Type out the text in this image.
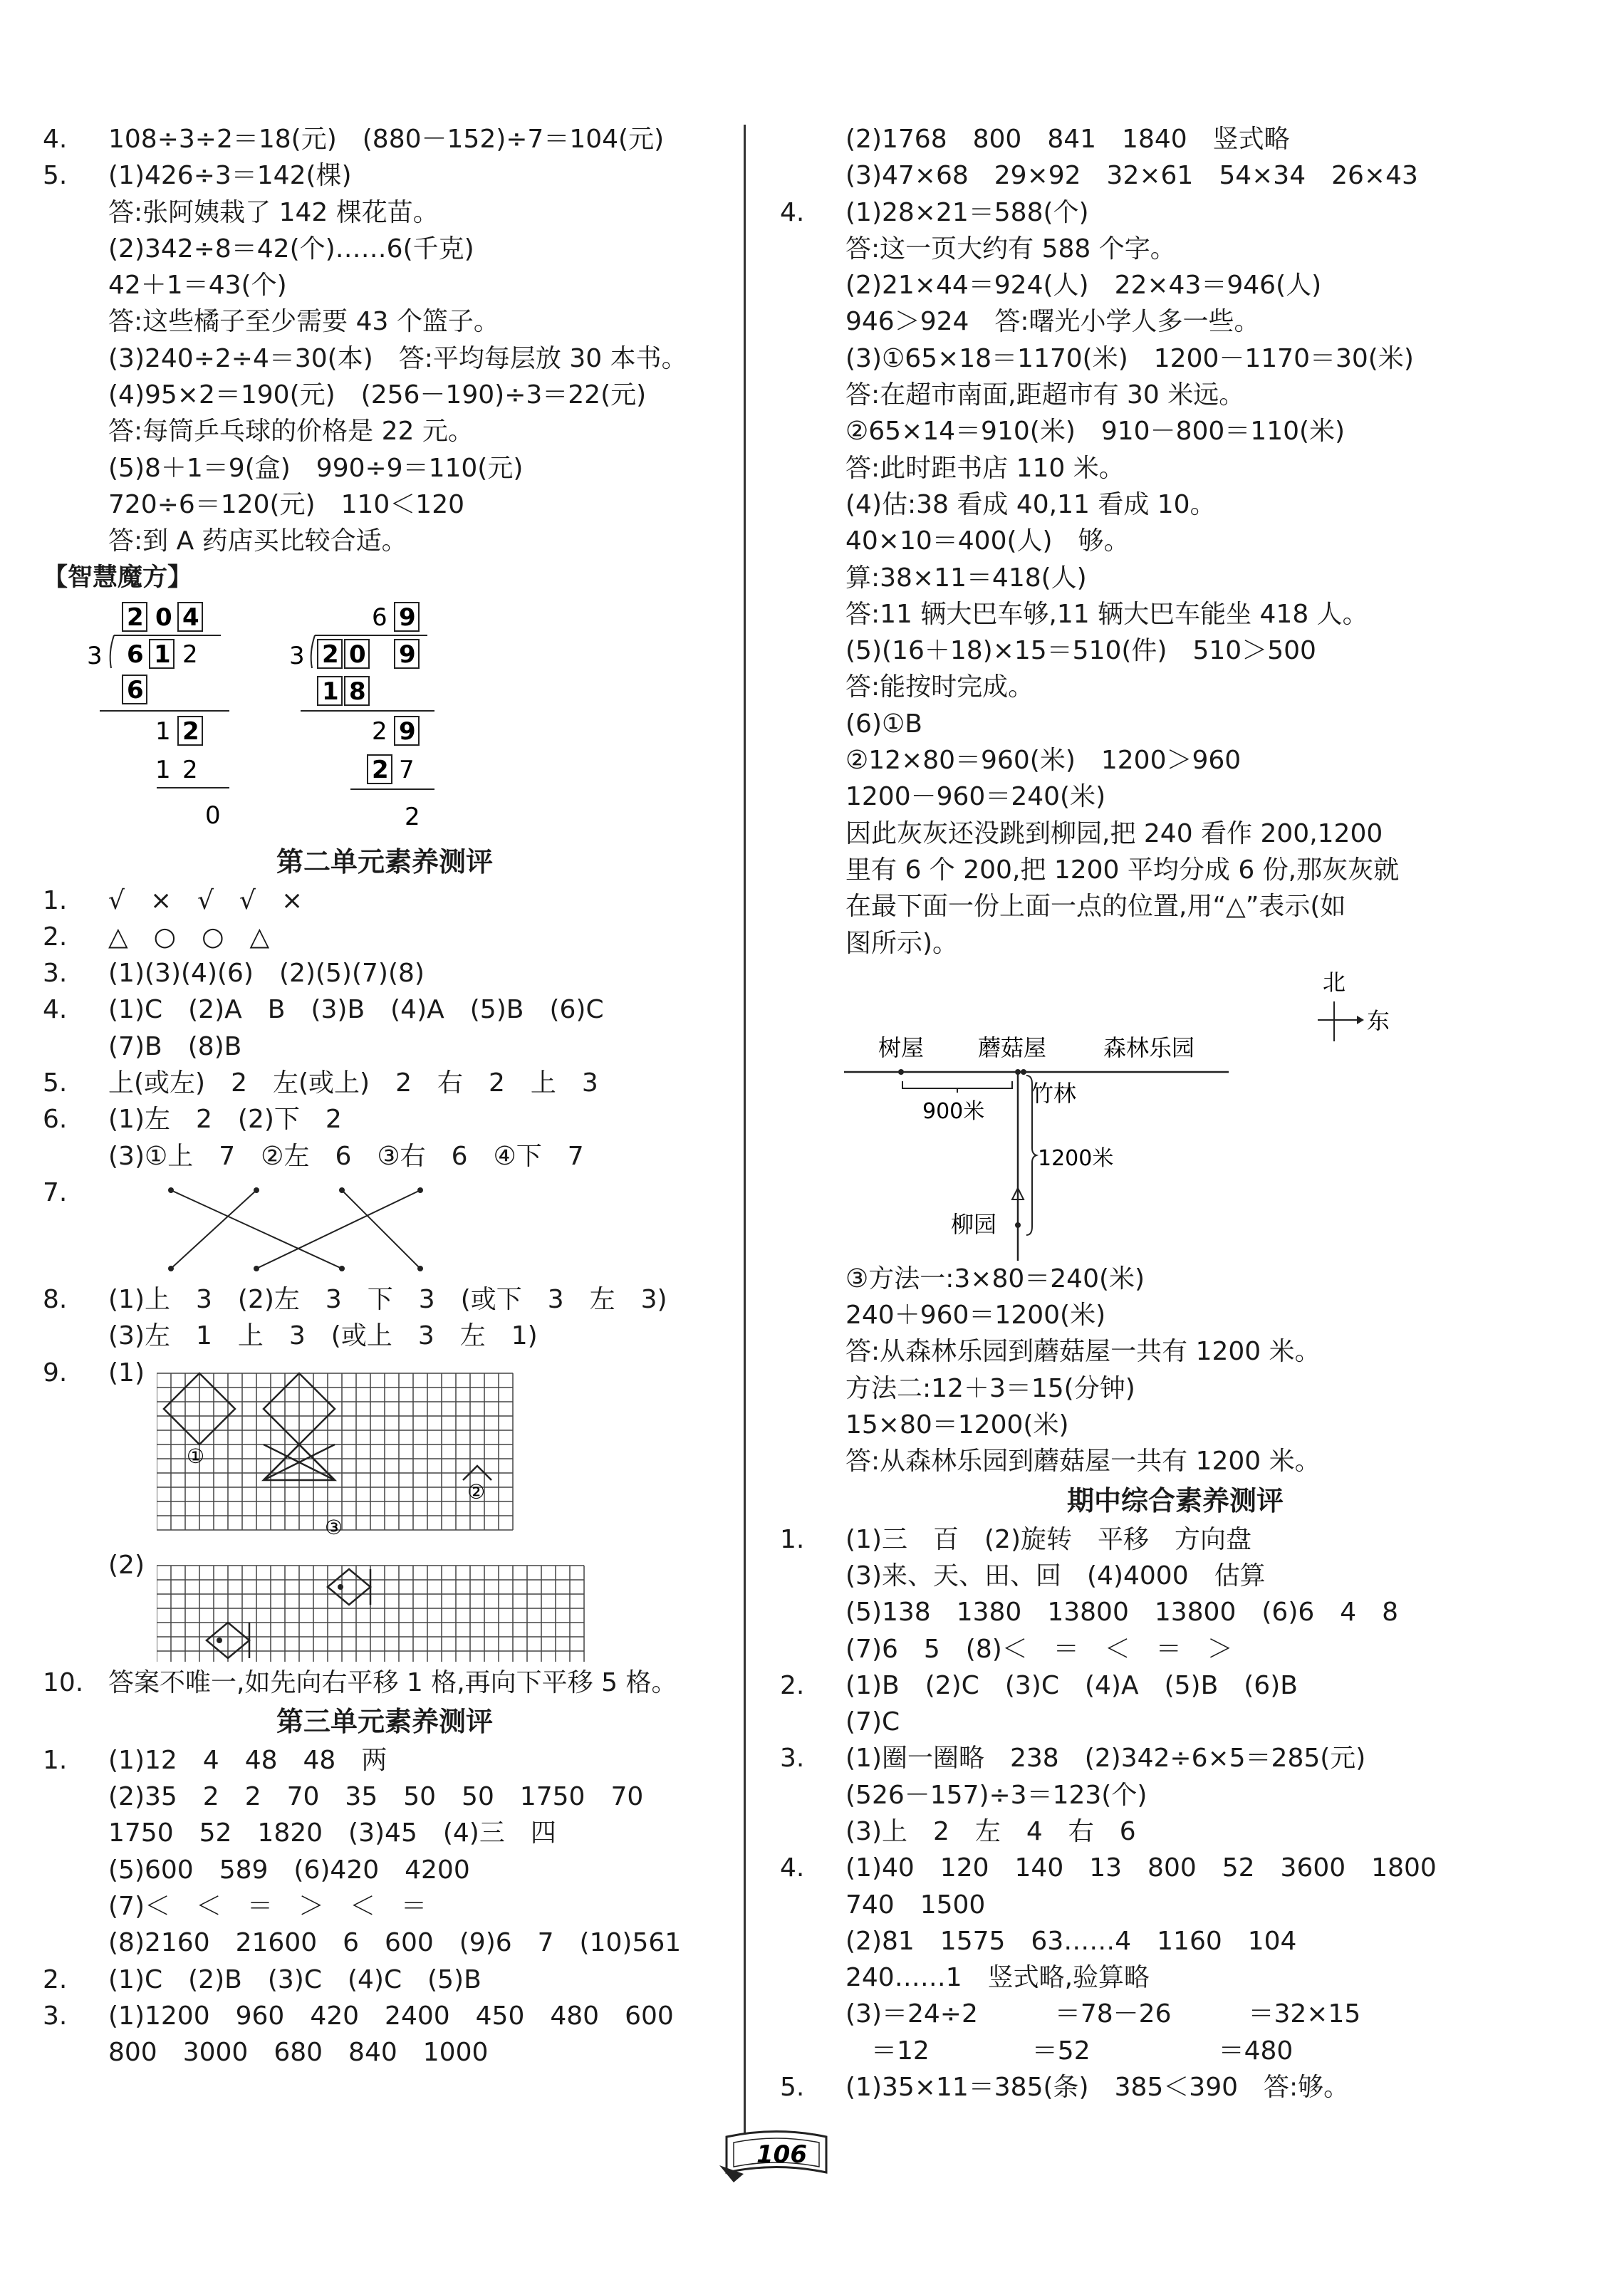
4. 108÷3÷2＝18(元)　(880－152)÷7＝104(元)
5. (1)426÷3＝142(棵)
答:张阿姨栽了 142 棵花苗。
(2)342÷8＝42(个)……6(千克)
42＋1＝43(个)
答:这些橘子至少需要 43 个篮子。
(3)240÷2÷4＝30(本)　答:平均每层放 30 本书。
(4)95×2＝190(元)　(256－190)÷3＝22(元)
答:每筒乒乓球的价格是 22 元。
(5)8＋1＝9(盒)　990÷9＝110(元)
720÷6＝120(元)　110＜120
答:到 A 药店买比较合适。
【智慧魔方】
2 0 4
3 6 1 2
6
1 2
1 2
0
6 9
3 2 0 9
1 8
2 9
2 7
2
第二单元素养测评
1. √　×　√　√　×
2. △　○　○　△
3. (1)(3)(4)(6)　(2)(5)(7)(8)
4. (1)C　(2)A　B　(3)B　(4)A　(5)B　(6)C
(7)B　(8)B
5. 上(或左)　2　左(或上)　2　右　2　上　3
6. (1)左　2　(2)下　2
(3)①上　7　②左　6　③右　6　④下　7
7.
8. (1)上　3　(2)左　3　下　3　(或下　3　左　3)
(3)左　1　上　3　(或上　3　左　1)

9.

(1)

①
②
③

(2)

10.

答案不唯一,如先向右平移 1 格,再向下平移 5 格。

第三单元素养测评
1. (1)12　4　48　48　两
(2)35　2　2　70　35　50　50　1750　70
1750　52　1820　(3)45　(4)三　四
(5)600　589　(6)420　4200
(7)＜　＜　＝　＞　＜　＝
(8)2160　21600　6　600　(9)6　7　(10)561
2. (1)C　(2)B　(3)C　(4)C　(5)B
3. (1)1200　960　420　2400　450　480　600
800　3000　680　840　1000
(2)1768　800　841　1840　竖式略
(3)47×68　29×92　32×61　54×34　26×43
4. (1)28×21＝588(个)
答:这一页大约有 588 个字。
(2)21×44＝924(人)　22×43＝946(人)
946＞924　答:曙光小学人多一些。
(3)①65×18＝1170(米)　1200－1170＝30(米)
答:在超市南面,距超市有 30 米远。
②65×14＝910(米)　910－800＝110(米)
答:此时距书店 110 米。
(4)估:38 看成 40,11 看成 10。
40×10＝400(人)　够。
算:38×11＝418(人)
答:11 辆大巴车够,11 辆大巴车能坐 418 人。
(5)(16＋18)×15＝510(件)　510＞500
答:能按时完成。
(6)①B
②12×80＝960(米)　1200＞960
1200－960＝240(米)
因此灰灰还没跳到柳园,把 240 看作 200,1200
里有 6 个 200,把 1200 平均分成 6 份,那灰灰就
在最下面一份上面一点的位置,用“△”表示(如
图所示)。
北
东
树屋 蘑菇屋 森林乐园
竹林
900米
1200米
柳园
③方法一:3×80＝240(米)
240＋960＝1200(米)
答:从森林乐园到蘑菇屋一共有 1200 米。
方法二:12＋3＝15(分钟)
15×80＝1200(米)
答:从森林乐园到蘑菇屋一共有 1200 米。
期中综合素养测评
1. (1)三　百　(2)旋转　平移　方向盘
(3)来、天、田、回　(4)4000　估算
(5)138　1380　13800　13800　(6)6　4　8
(7)6　5　(8)＜　＝　＜　＝　＞
2. (1)B　(2)C　(3)C　(4)A　(5)B　(6)B
(7)C
3. (1)圈一圈略　238　(2)342÷6×5＝285(元)
(526－157)÷3＝123(个)
(3)上　2　左　4　右　6
4. (1)40　120　140　13　800　52　3600　1800
740　1500
(2)81　1575　63……4　1160　104
240……1　竖式略,验算略
(3)＝24÷2　　　＝78－26　　　＝32×15
　＝12　　　　＝52　　　　　＝480
5. (1)35×11＝385(条)　385＜390　答:够。
106
